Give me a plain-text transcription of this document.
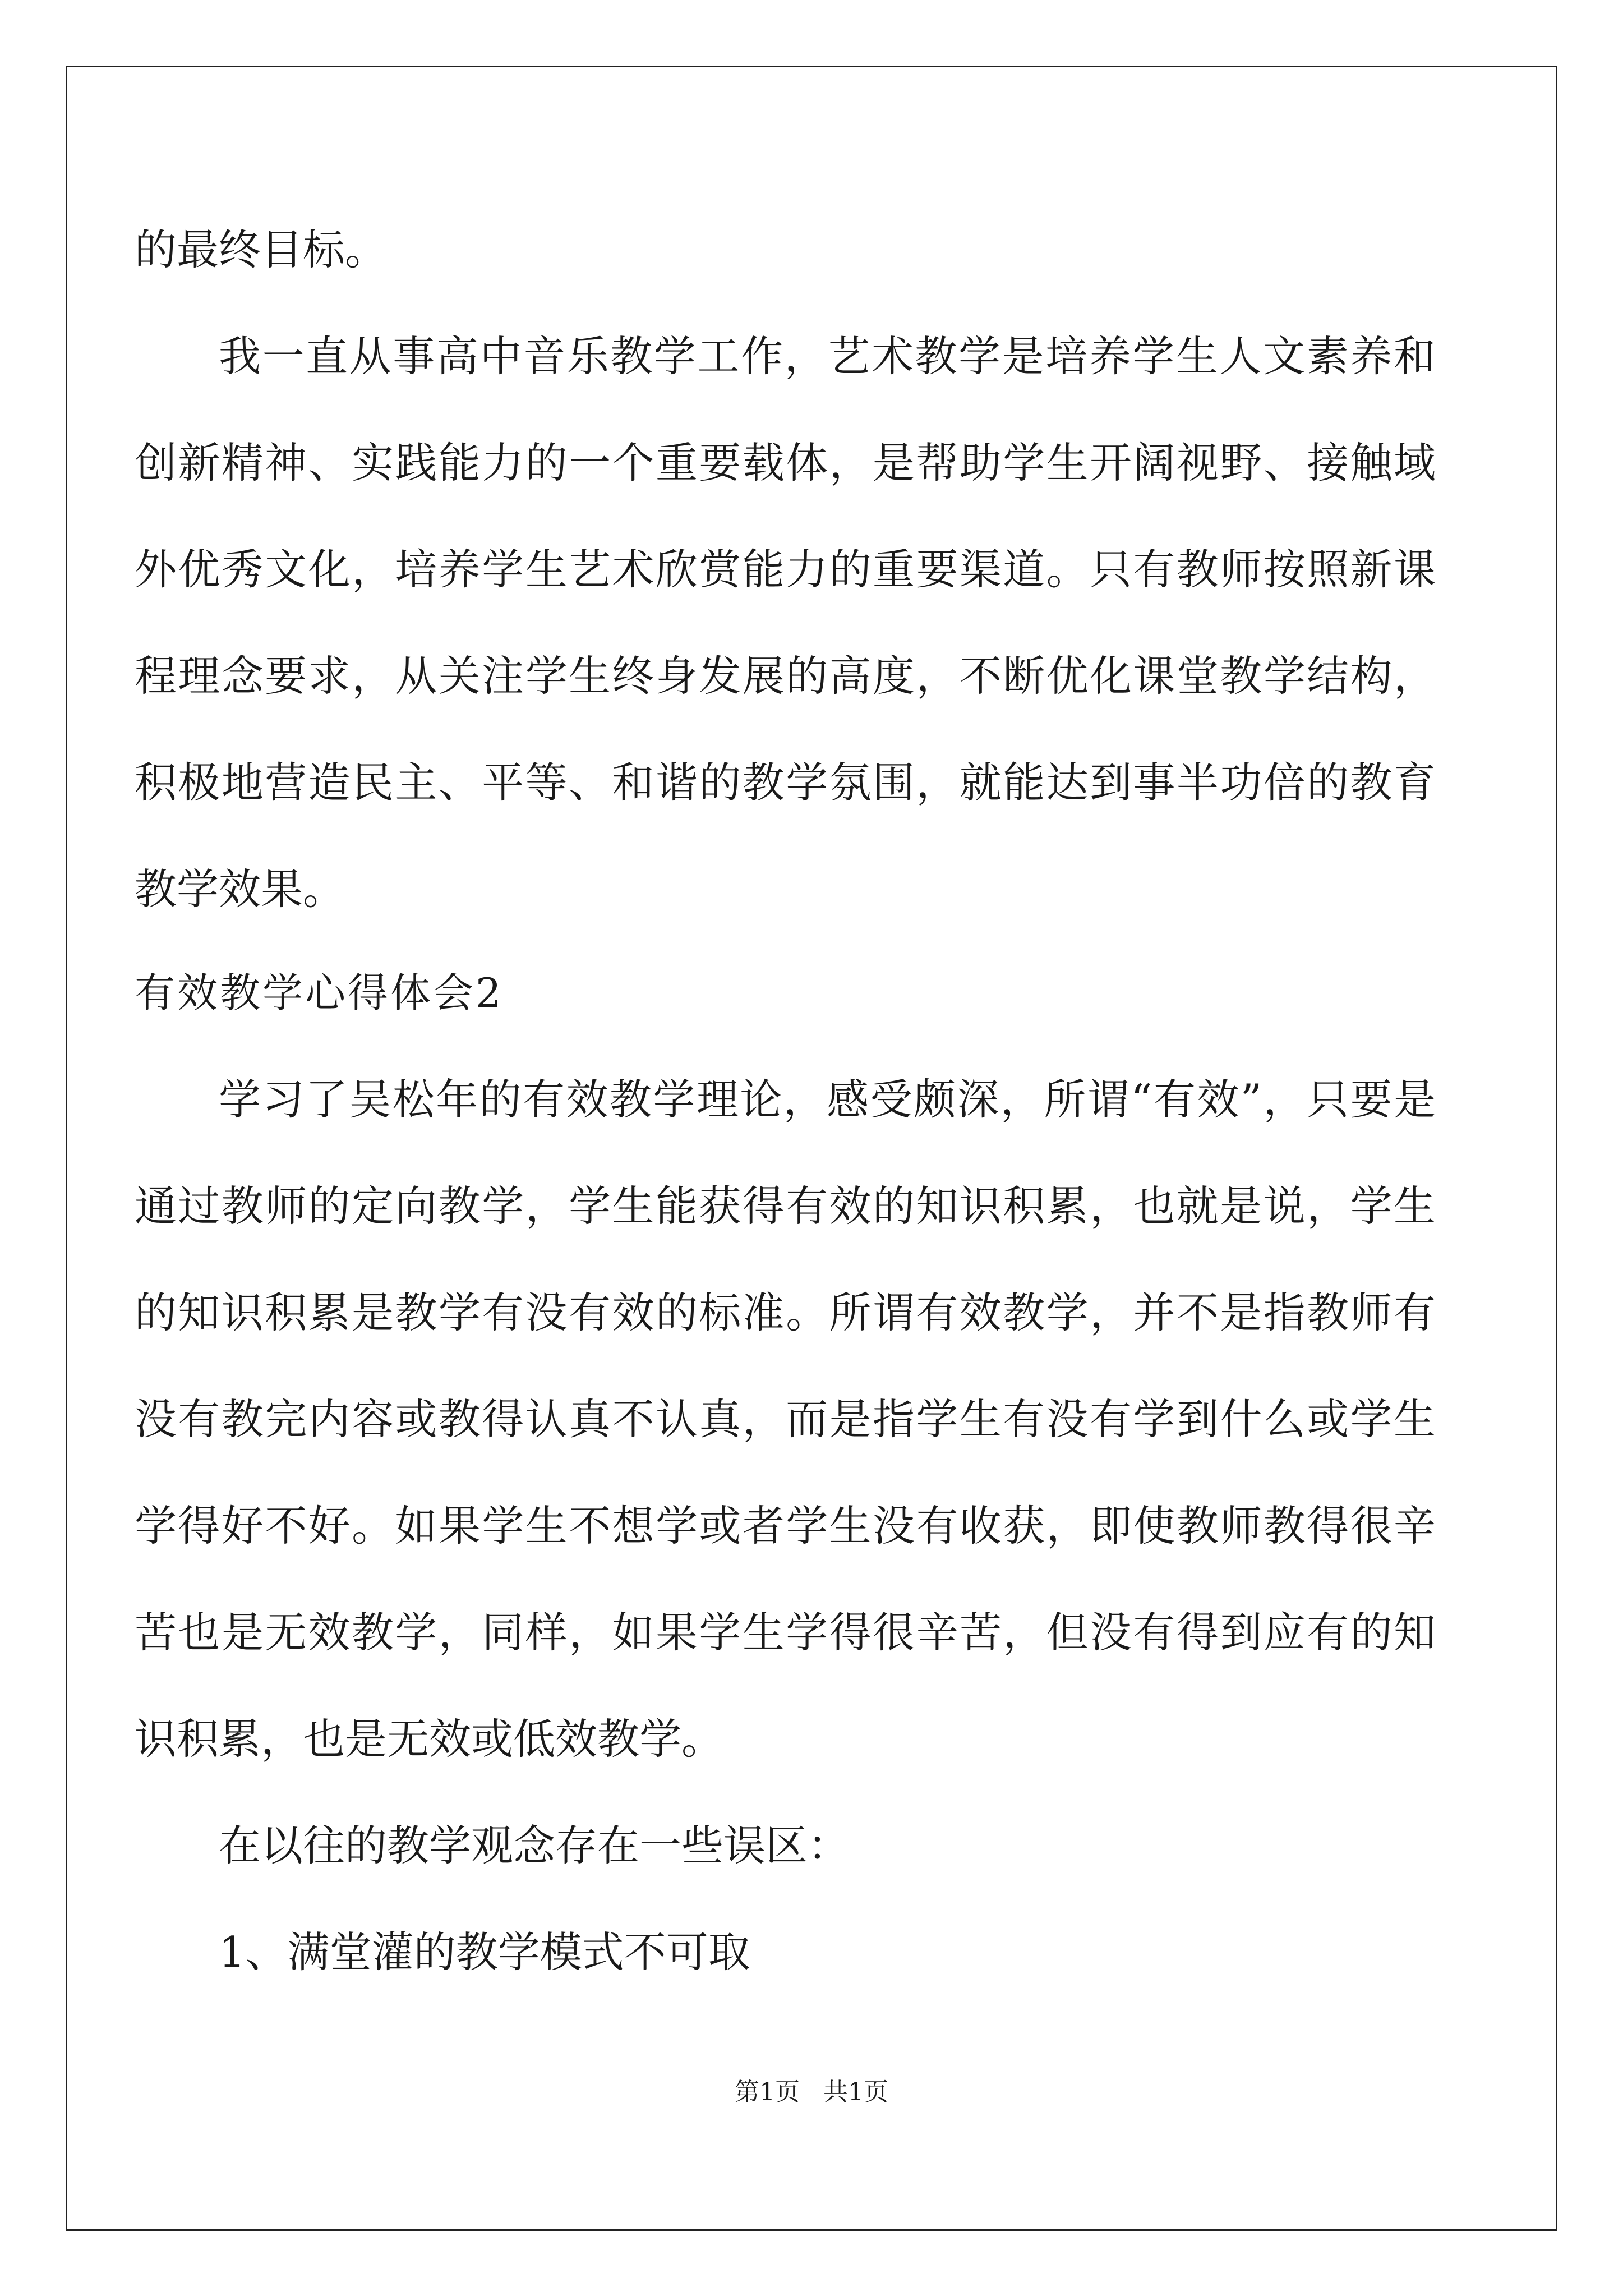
的最终目标。
我一直从事高中音乐教学工作，艺术教学是培养学生人文素养和
创新精神、实践能力的一个重要载体，是帮助学生开阔视野、接触域
外优秀文化，培养学生艺术欣赏能力的重要渠道。只有教师按照新课
程理念要求，从关注学生终身发展的高度，不断优化课堂教学结构，
积极地营造民主、平等、和谐的教学氛围，就能达到事半功倍的教育
教学效果。
有效教学心得体会2
学习了吴松年的有效教学理论，感受颇深，所谓“有效”，只要是
通过教师的定向教学，学生能获得有效的知识积累，也就是说，学生
的知识积累是教学有没有效的标准。所谓有效教学，并不是指教师有
没有教完内容或教得认真不认真，而是指学生有没有学到什么或学生
学得好不好。如果学生不想学或者学生没有收获，即使教师教得很辛
苦也是无效教学，同样，如果学生学得很辛苦，但没有得到应有的知
识积累，也是无效或低效教学。
在以往的教学观念存在一些误区：
1、满堂灌的教学模式不可取
第1页   共1页
